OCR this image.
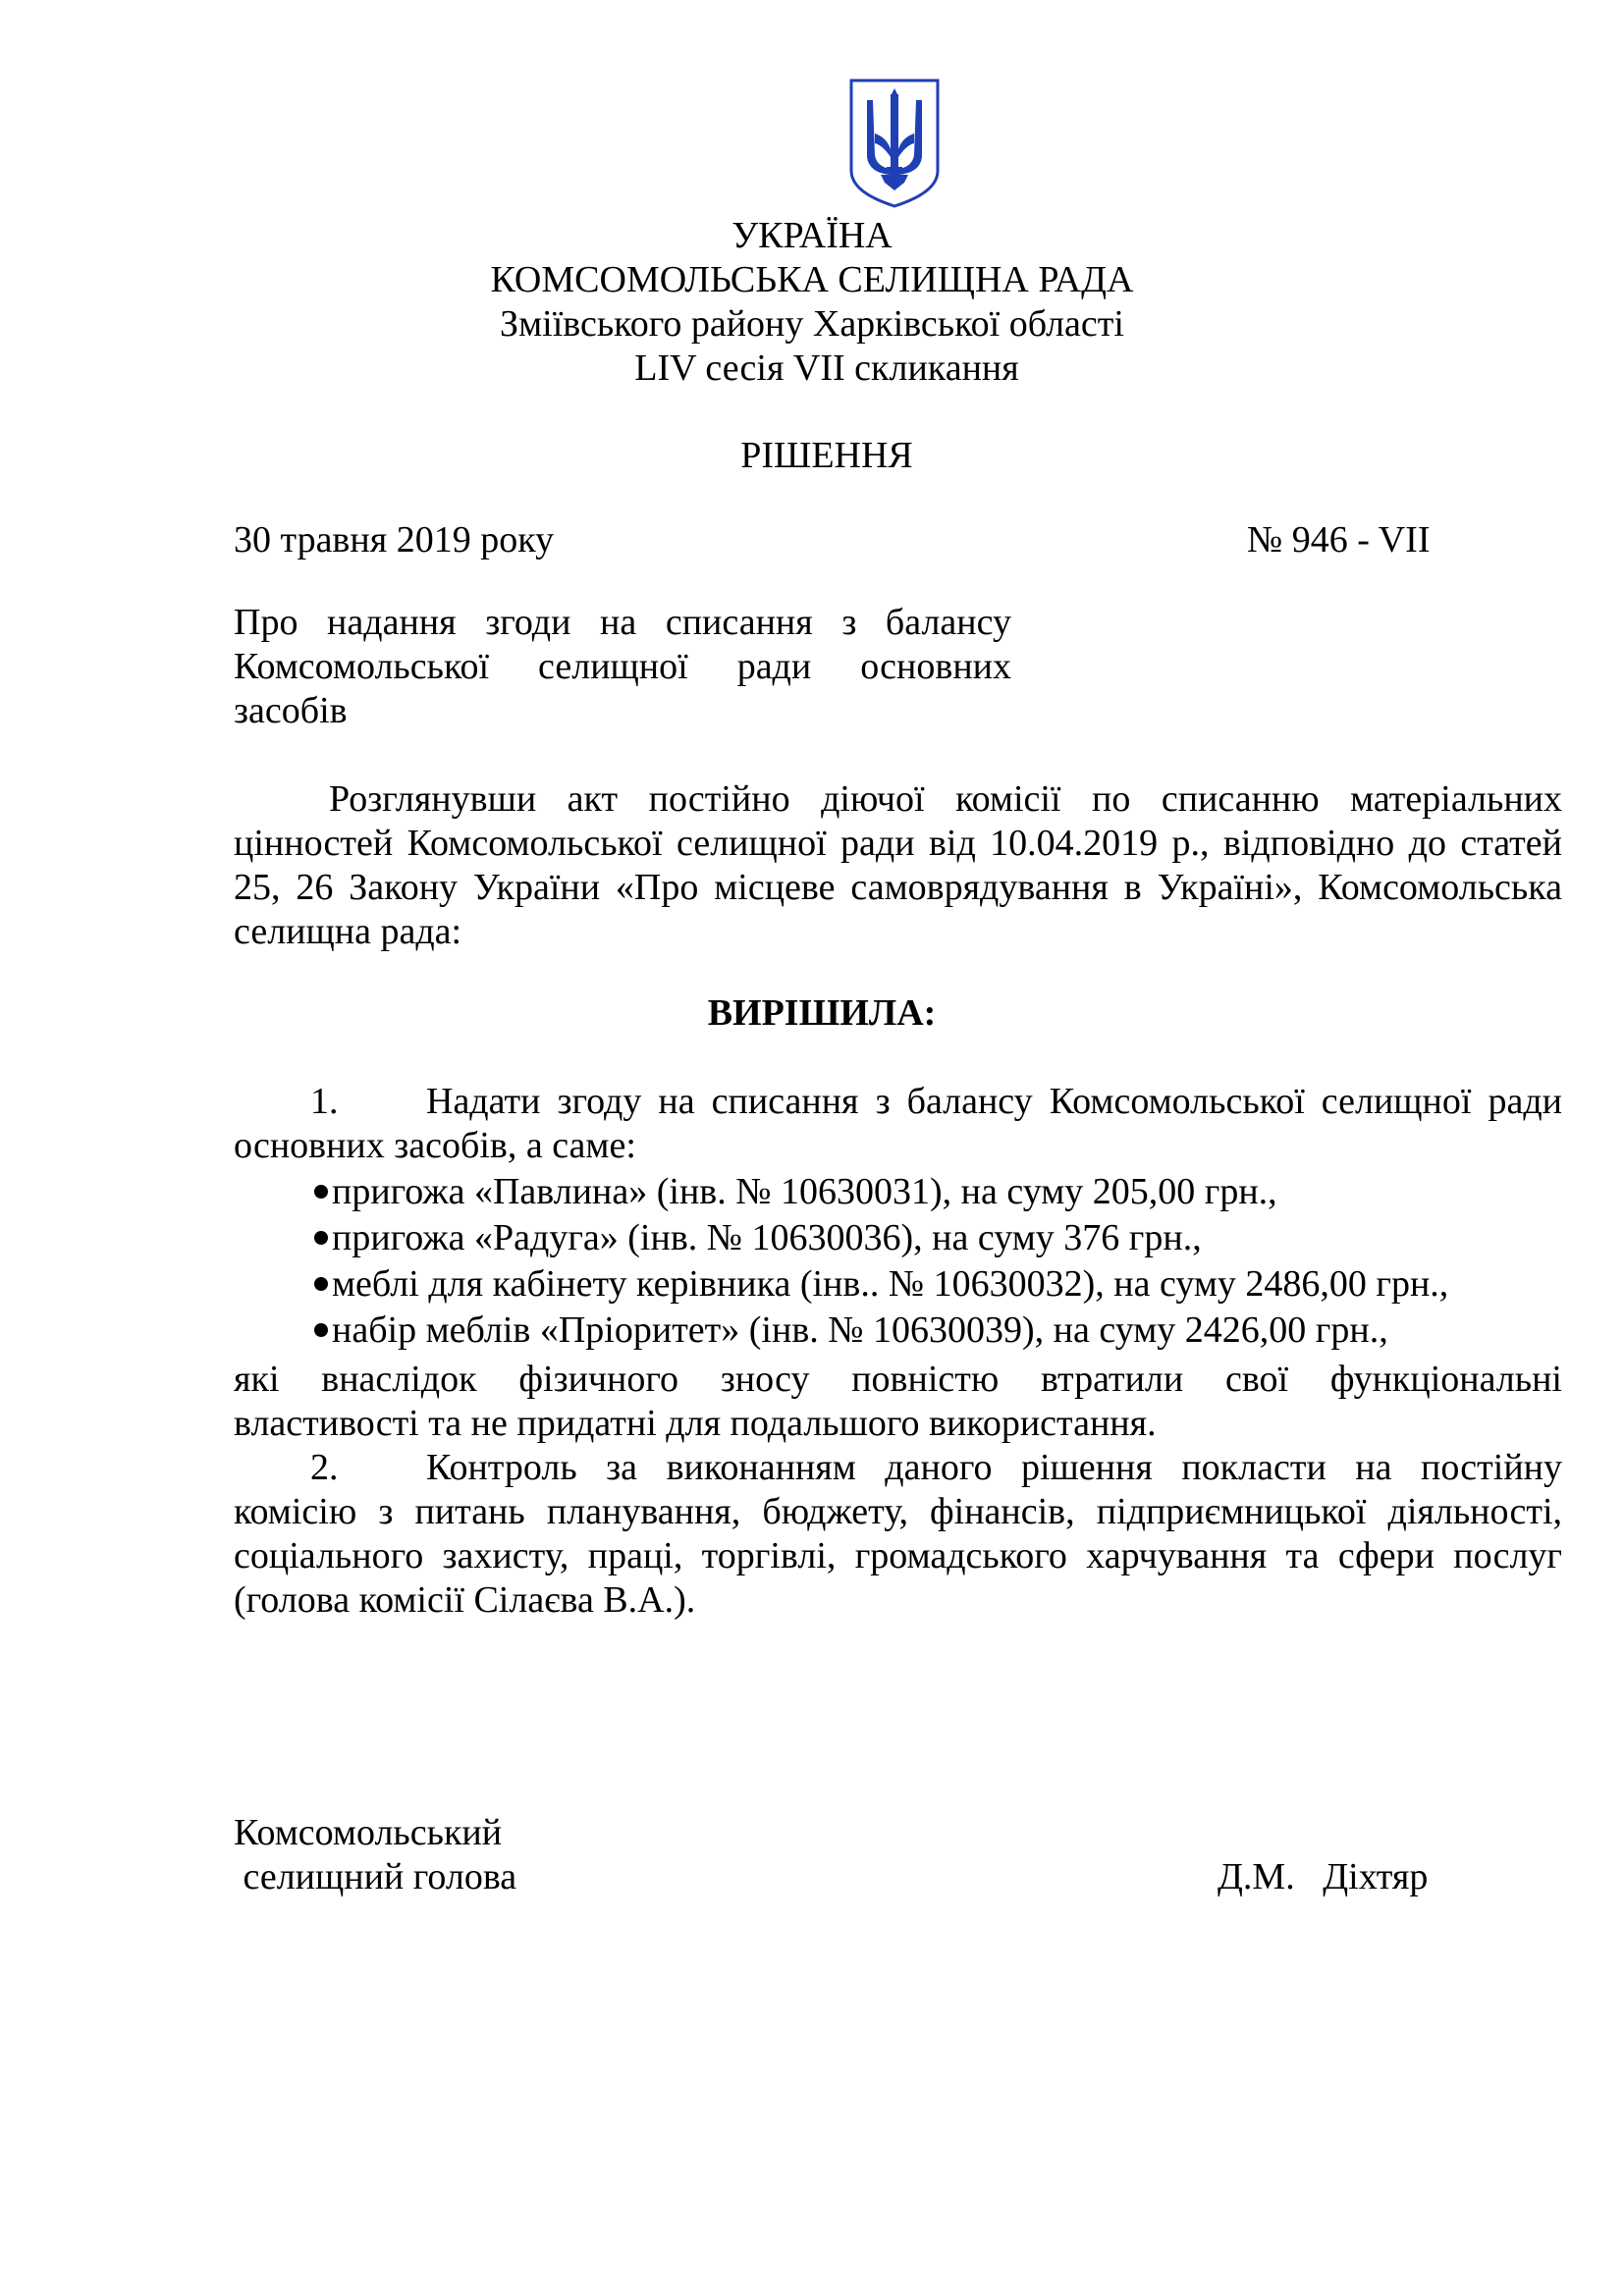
УКРАЇНА
КОМСОМОЛЬСЬКА СЕЛИЩНА РАДА
Зміївського району Харківської області
LIV сесія VII скликання
РІШЕННЯ
30 травня 2019 року	№ 946 - VII
Про надання згоди на списання з балансу
Комсомольської селищної ради основних
засобів
Розглянувши акт постійно діючої комісії по списанню матеріальних
цінностей Комсомольської селищної ради від 10.04.2019 р., відповідно до статей
25, 26 Закону України «Про місцеве самоврядування в Україні», Комсомольська
селищна рада:
ВИРІШИЛА:
1. Надати згоду на списання з балансу Комсомольської селищної ради
основних засобів, а саме:
пригожа «Павлина» (інв. № 10630031), на суму 205,00 грн.,
пригожа «Радуга» (інв. № 10630036), на суму 376 грн.,
меблі для кабінету керівника (інв.. № 10630032), на суму 2486,00 грн.,
набір меблів «Пріоритет» (інв. № 10630039), на суму 2426,00 грн.,
які внаслідок фізичного зносу повністю втратили свої функціональні
властивості та не придатні для подальшого використання.
2. Контроль за виконанням даного рішення покласти на постійну
комісію з питань планування, бюджету, фінансів, підприємницької діяльності,
соціального захисту, праці, торгівлі, громадського харчування та сфери послуг
(голова комісії Сілаєва В.А.).
Комсомольський
селищний голова	Д.М.   Діхтяр
